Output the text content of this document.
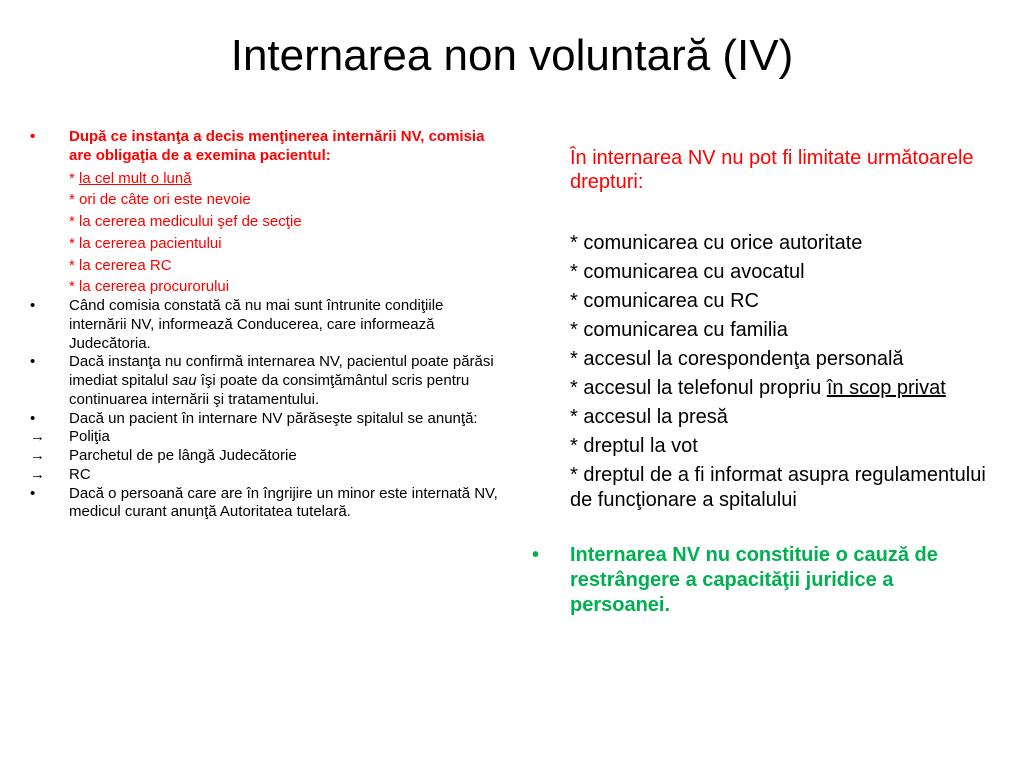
Internarea non voluntară (IV)
•	După ce instanţa a decis menţinerea internării NV, comisia are obligaţia de a exemina pacientul:
* la cel mult o lună
* ori de câte ori este nevoie
* la cererea medicului şef de secţie
* la cererea pacientului
* la cererea RC
* la cererea procurorului
•	Când comisia constată că nu mai sunt întrunite condiţiile internării NV, informează Conducerea, care informează Judecătoria.
•	Dacă instanţa nu confirmă internarea NV, pacientul poate părăsi imediat spitalul sau îşi poate da consimţământul scris pentru continuarea internării şi tratamentului.
•	Dacă un pacient în internare NV părăseşte spitalul se anunţă:
→	Poliţia
→	Parchetul de pe lângă Judecătorie
→	RC
•	Dacă o persoană care are în îngrijire un minor este internată NV, medicul curant anunţă Autoritatea tutelară.
În internarea NV nu pot fi limitate următoarele drepturi:
* comunicarea cu orice autoritate
* comunicarea cu avocatul
* comunicarea cu RC
* comunicarea cu familia
* accesul la corespondenţa personală
* accesul la telefonul propriu în scop privat
* accesul la presă
* dreptul la vot
* dreptul de a fi informat asupra regulamentului de funcţionare a spitalului
• Internarea NV nu constituie o cauză de restrângere a capacităţii juridice a persoanei.
